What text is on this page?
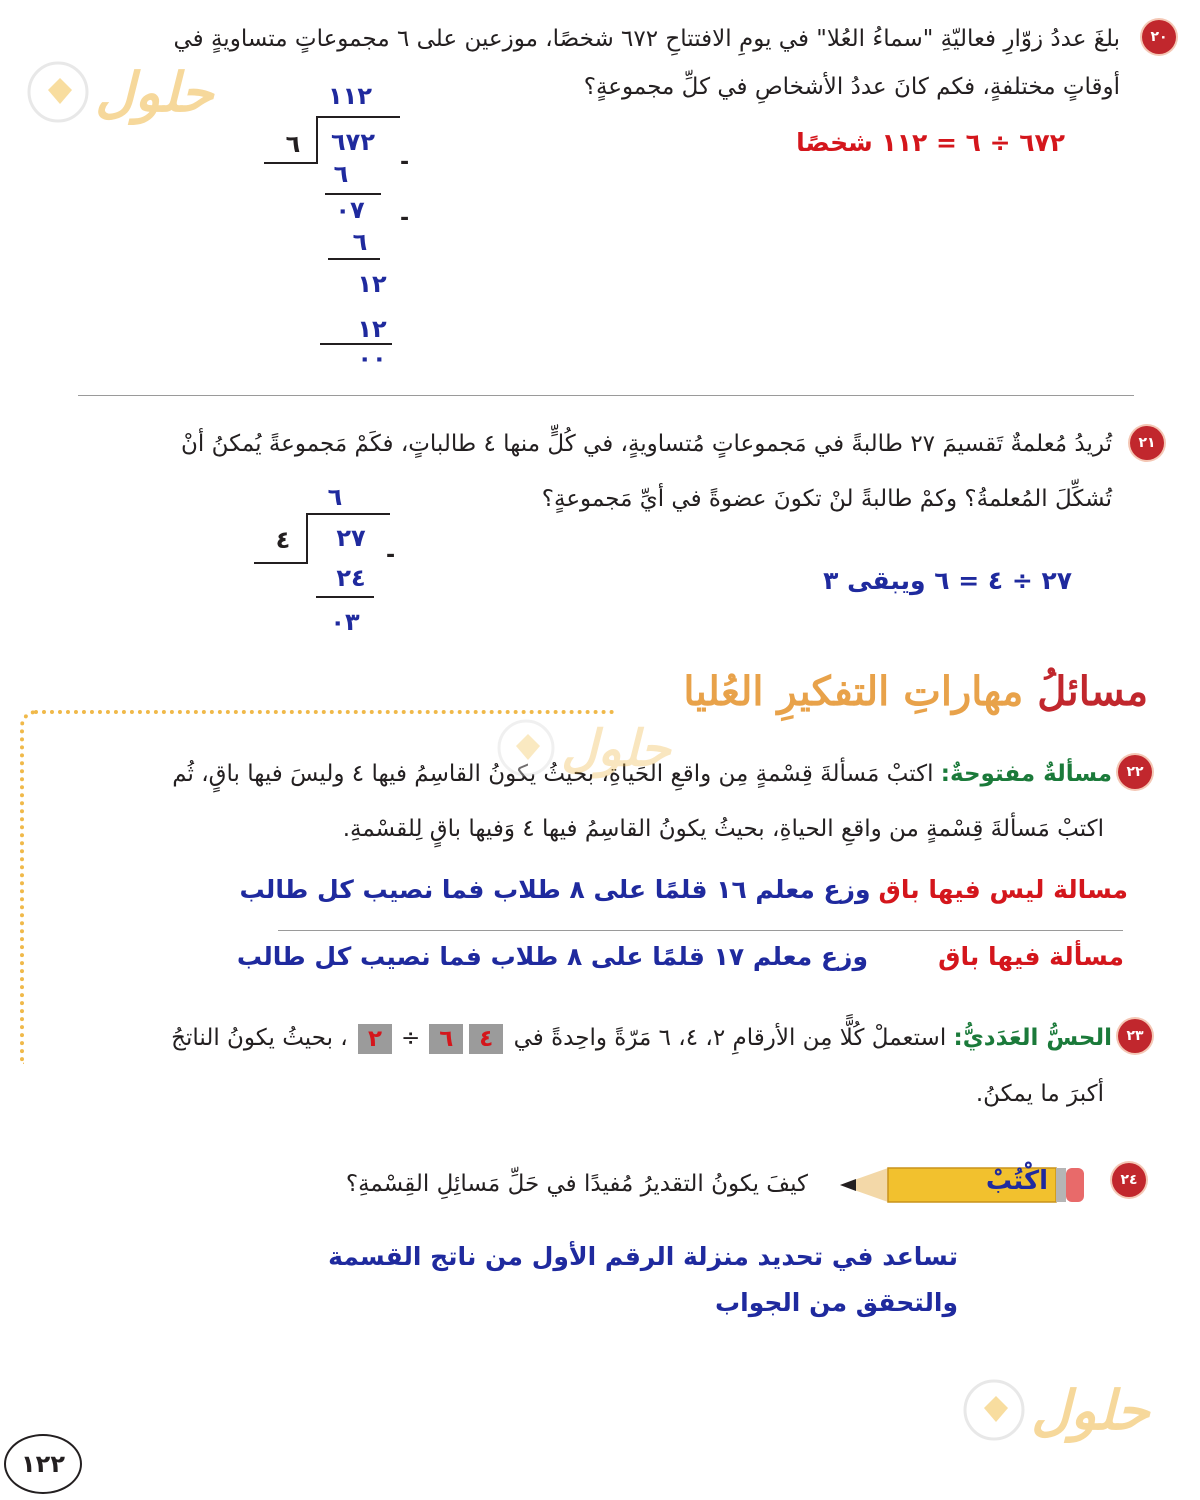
٢٠
بلغَ عددُ زوّارِ فعاليّةِ "سماءُ العُلا" في يومِ الافتتاحِ ٦٧٢ شخصًا، موزعين على ٦ مجموعاتٍ متساويةٍ في
أوقاتٍ مختلفةٍ، فكم كانَ عددُ الأشخاصِ في كلِّ مجموعةٍ؟
٦٧٢ ÷ ٦ = ١١٢ شخصًا
١١٢
٦	٦٧٢
-
٦
٠٧ -
٦
١٢
١٢
٠٠
٢١
تُريدُ مُعلمةٌ تَقسيمَ ٢٧ طالبةً في مَجموعاتٍ مُتساويةٍ، في كُلٍّ منها ٤ طالباتٍ، فكَمْ مَجموعةً يُمكنُ أنْ
تُشكِّلَ المُعلمةُ؟ وكمْ طالبةً لنْ تكونَ عضوةً في أيِّ مَجموعةٍ؟
٢٧ ÷ ٤ = ٦ ويبقى ٣
٦
٤	٢٧
-
٢٤
٠٣
مسائلُ مهاراتِ التفكيرِ العُليا
٢٢
مسألةٌ مفتوحةٌ: اكتبْ مَسألةَ قِسْمةٍ مِن واقعِ الحَياةِ، بحيثُ يكونُ القاسِمُ فيها ٤ وليسَ فيها باقٍ، ثُم
اكتبْ مَسألةَ قِسْمةٍ من واقعِ الحياةِ، بحيثُ يكونُ القاسِمُ فيها ٤ وَفيها باقٍ لِلقسْمةِ.
مسالة ليس فيها باق وزع معلم ١٦ قلمًا على ٨ طلاب فما نصيب كل طالب
مسألة فيها باق
وزع معلم ١٧ قلمًا على ٨ طلاب فما نصيب كل طالب
٢٣
الحسُّ العَدَديُّ: استعملْ كُلًّا مِن الأرقامِ ٢، ٤، ٦ مَرّةً واحِدةً في ٤٦÷٢ ، بحيثُ يكونُ الناتجُ
أكبرَ ما يمكنُ.
٢٤
اكْتُبْ
كيفَ يكونُ التقديرُ مُفيدًا في حَلِّ مَسائِلِ القِسْمةِ؟
تساعد في تحديد منزلة الرقم الأول من ناتج القسمة
والتحقق من الجواب
حلول
حلول
حلول
١٢٢
